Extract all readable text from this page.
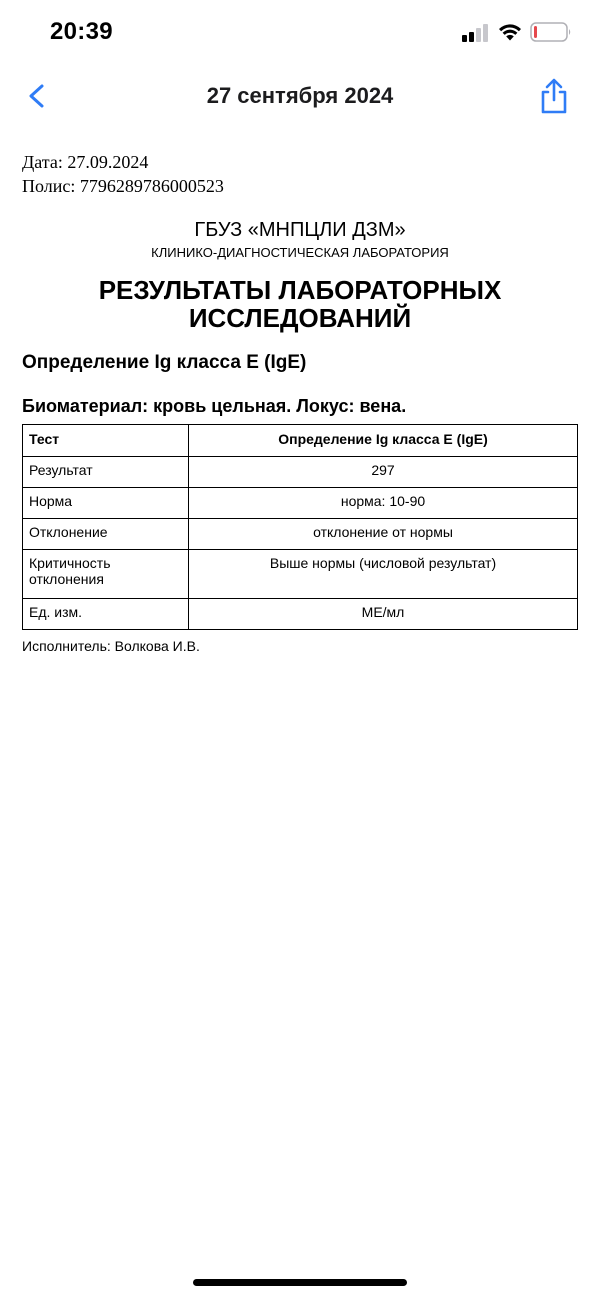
20:39
27 сентября 2024
Дата: 27.09.2024
Полис: 7796289786000523
ГБУЗ «МНПЦЛИ ДЗМ»
КЛИНИКО-ДИАГНОСТИЧЕСКАЯ ЛАБОРАТОРИЯ
РЕЗУЛЬТАТЫ ЛАБОРАТОРНЫХ ИССЛЕДОВАНИЙ
Определение Ig класса E (IgE)
Биоматериал: кровь цельная. Локус: вена.
Тест	Определение Ig класса E (IgE)
Результат	297
Норма	норма: 10-90
Отклонение	отклонение от нормы
Критичность отклонения	Выше нормы (числовой результат)
Ед. изм.	МЕ/мл
Исполнитель: Волкова И.В.
